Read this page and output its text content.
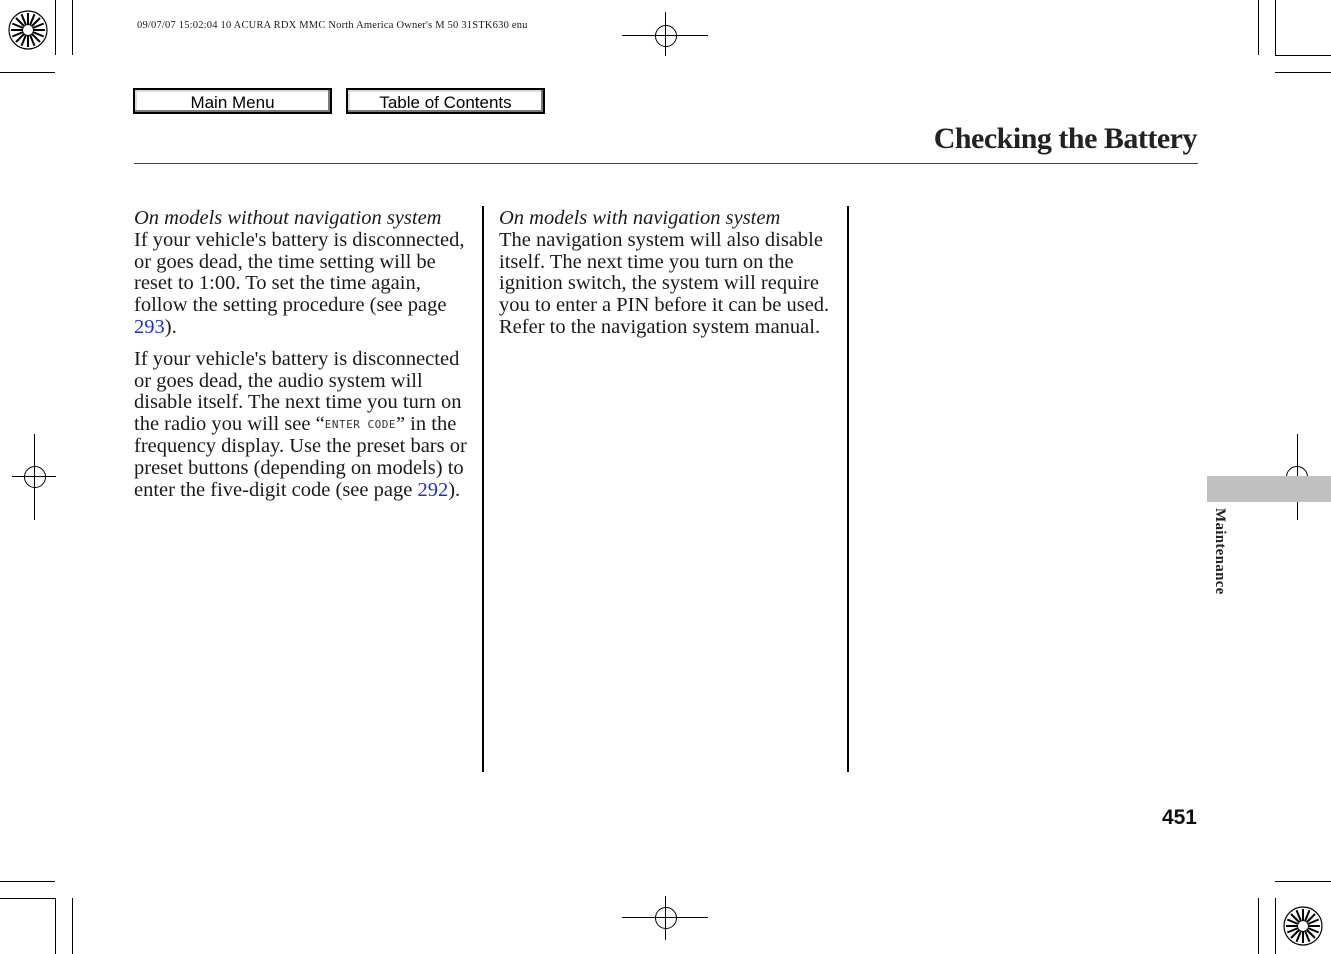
09/07/07 15:02:04 10 ACURA RDX MMC North America Owner's M 50 31STK630 enu
Main Menu	Table of Contents
Checking the Battery
On models without navigation system

If your vehicle's battery is disconnected, or goes dead, the time setting will be reset to 1:00. To set the time again, follow the setting procedure (see page 293).

If your vehicle's battery is disconnected or goes dead, the audio system will disable itself. The next time you turn on the radio you will see “ENTER CODE” in the frequency display. Use the preset bars or preset buttons (depending on models) to enter the five-digit code (see page 292).

On models with navigation system

The navigation system will also disable itself. The next time you turn on the ignition switch, the system will require you to enter a PIN before it can be used. Refer to the navigation system manual.

Maintenance
451
